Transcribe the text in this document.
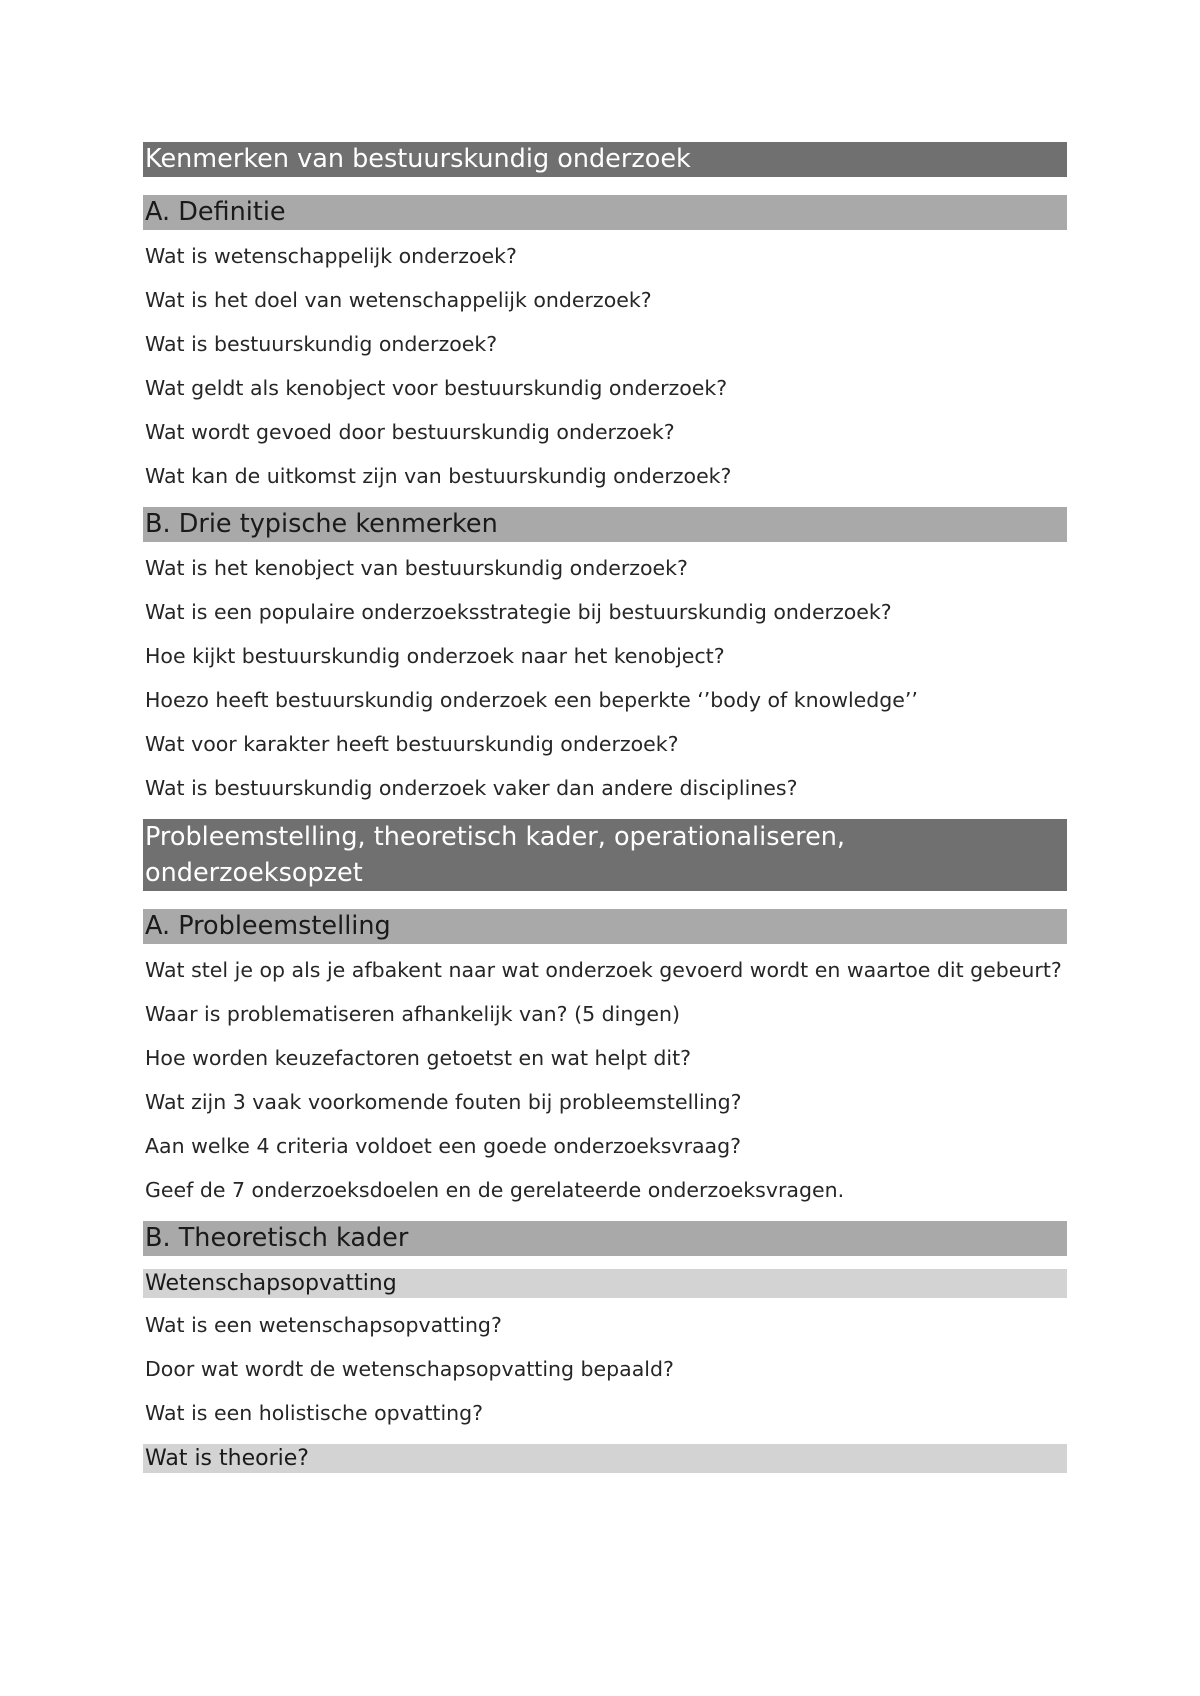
Kenmerken van bestuurskundig onderzoek
A. Definitie
Wat is wetenschappelijk onderzoek?
Wat is het doel van wetenschappelijk onderzoek?
Wat is bestuurskundig onderzoek?
Wat geldt als kenobject voor bestuurskundig onderzoek?
Wat wordt gevoed door bestuurskundig onderzoek?
Wat kan de uitkomst zijn van bestuurskundig onderzoek?
B. Drie typische kenmerken
Wat is het kenobject van bestuurskundig onderzoek?
Wat is een populaire onderzoeksstrategie bij bestuurskundig onderzoek?
Hoe kijkt bestuurskundig onderzoek naar het kenobject?
Hoezo heeft bestuurskundig onderzoek een beperkte ‘’body of knowledge’’
Wat voor karakter heeft bestuurskundig onderzoek?
Wat is bestuurskundig onderzoek vaker dan andere disciplines?
Probleemstelling, theoretisch kader, operationaliseren, onderzoeksopzet
A. Probleemstelling
Wat stel je op als je afbakent naar wat onderzoek gevoerd wordt en waartoe dit gebeurt?
Waar is problematiseren afhankelijk van? (5 dingen)
Hoe worden keuzefactoren getoetst en wat helpt dit?
Wat zijn 3 vaak voorkomende fouten bij probleemstelling?
Aan welke 4 criteria voldoet een goede onderzoeksvraag?
Geef de 7 onderzoeksdoelen en de gerelateerde onderzoeksvragen.
B. Theoretisch kader
Wetenschapsopvatting
Wat is een wetenschapsopvatting?
Door wat wordt de wetenschapsopvatting bepaald?
Wat is een holistische opvatting?
Wat is theorie?
